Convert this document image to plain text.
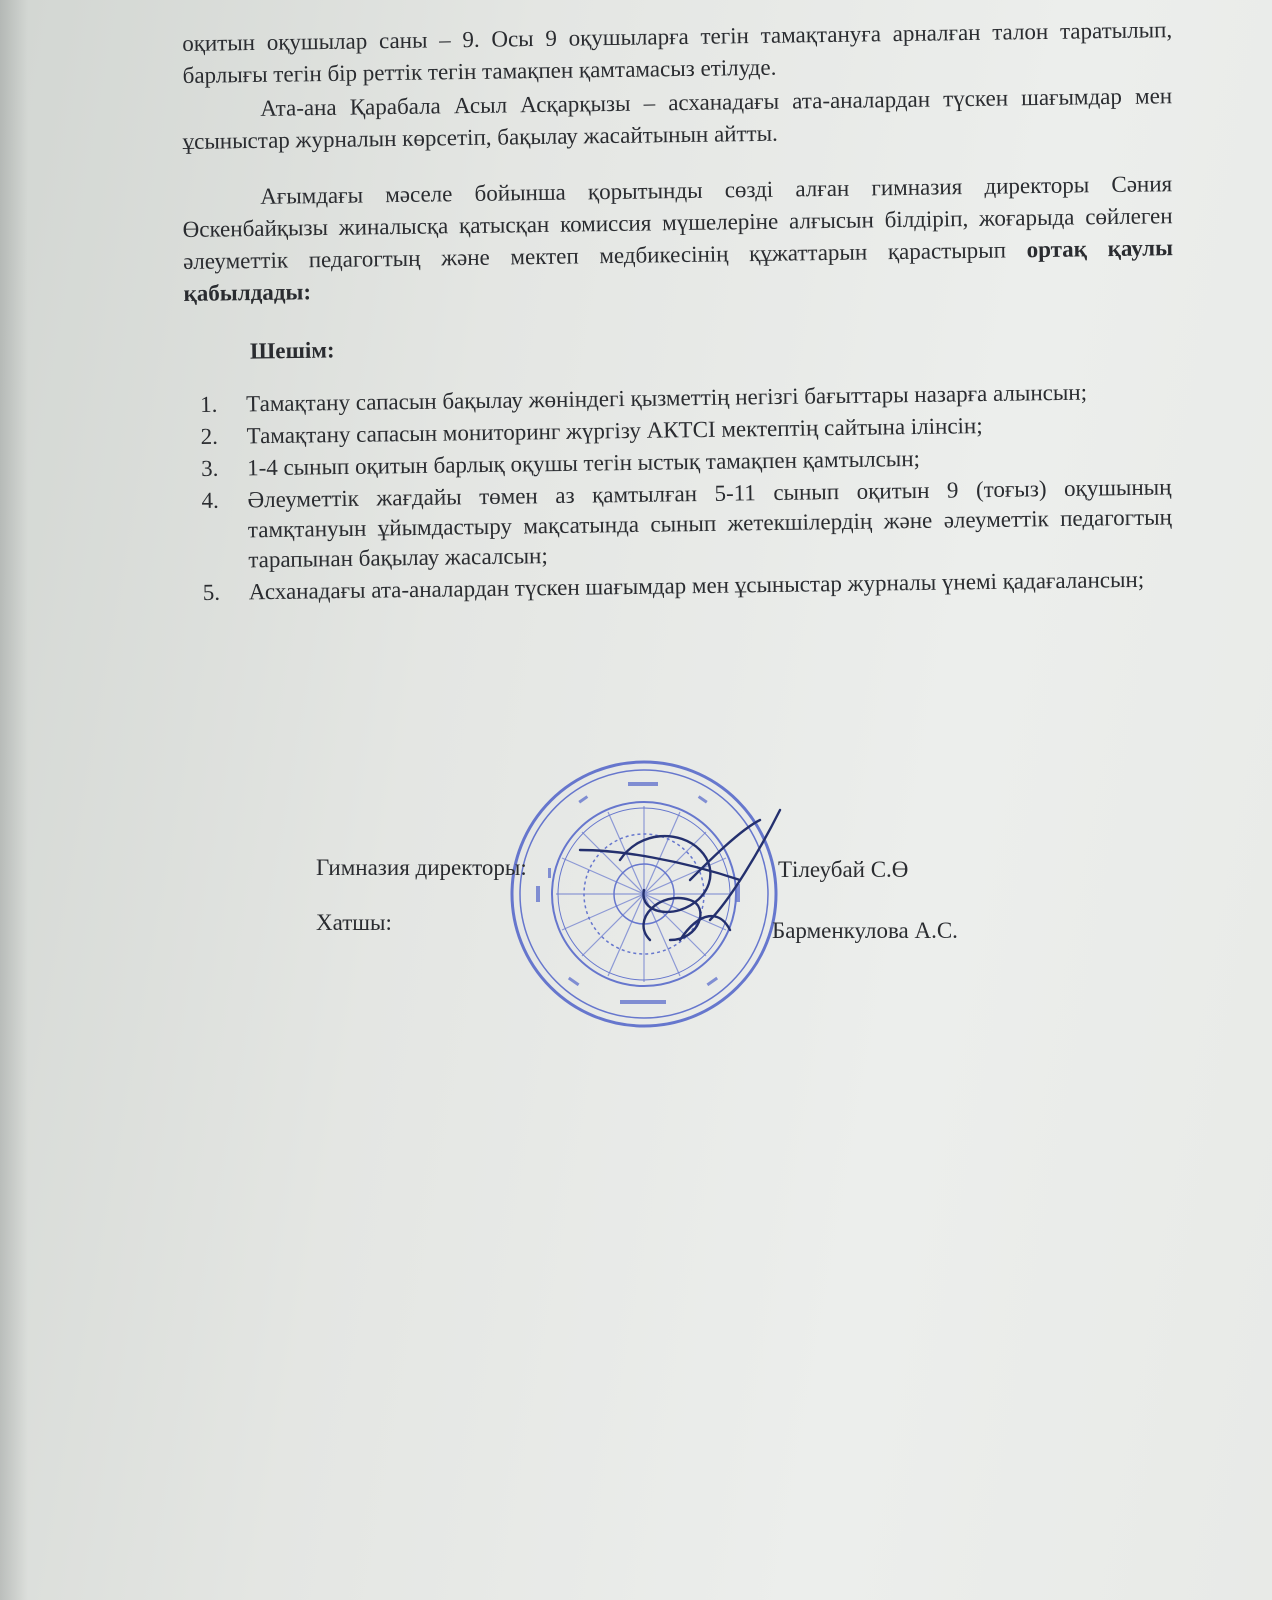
оқитын оқушылар саны – 9. Осы 9 оқушыларға тегін тамақтануға арналған талон таратылып, барлығы тегін бір реттік тегін тамақпен қамтамасыз етілуде.
Ата-ана Қарабала Асыл Асқарқызы – асханадағы ата-аналардан түскен шағымдар мен ұсыныстар журналын көрсетіп, бақылау жасайтынын айтты.
Ағымдағы мәселе бойынша қорытынды сөзді алған гимназия директоры Сәния Өскенбайқызы жиналысқа қатысқан комиссия мүшелеріне алғысын білдіріп, жоғарыда сөйлеген әлеуметтік педагогтың және мектеп медбикесінің құжаттарын қарастырып ортақ қаулы қабылдады:
Шешім:
1.	Тамақтану сапасын бақылау жөніндегі қызметтің негізгі бағыттары назарға алынсын;
2.	Тамақтану сапасын мониторинг жүргізу АКТСІ мектептің сайтына ілінсін;
3.	1-4 сынып оқитын барлық оқушы тегін ыстық тамақпен қамтылсын;
4.	Әлеуметтік жағдайы төмен аз қамтылған 5-11 сынып оқитын 9 (тоғыз) оқушының тамқтануын ұйымдастыру мақсатында сынып жетекшілердің және әлеуметтік педагогтың тарапынан бақылау жасалсын;
5.	Асханадағы ата-аналардан түскен шағымдар мен ұсыныстар журналы үнемі қадағалансын;
Гимназия директоры:	Тілеубай С.Ө
Хатшы:	Барменкулова А.С.
